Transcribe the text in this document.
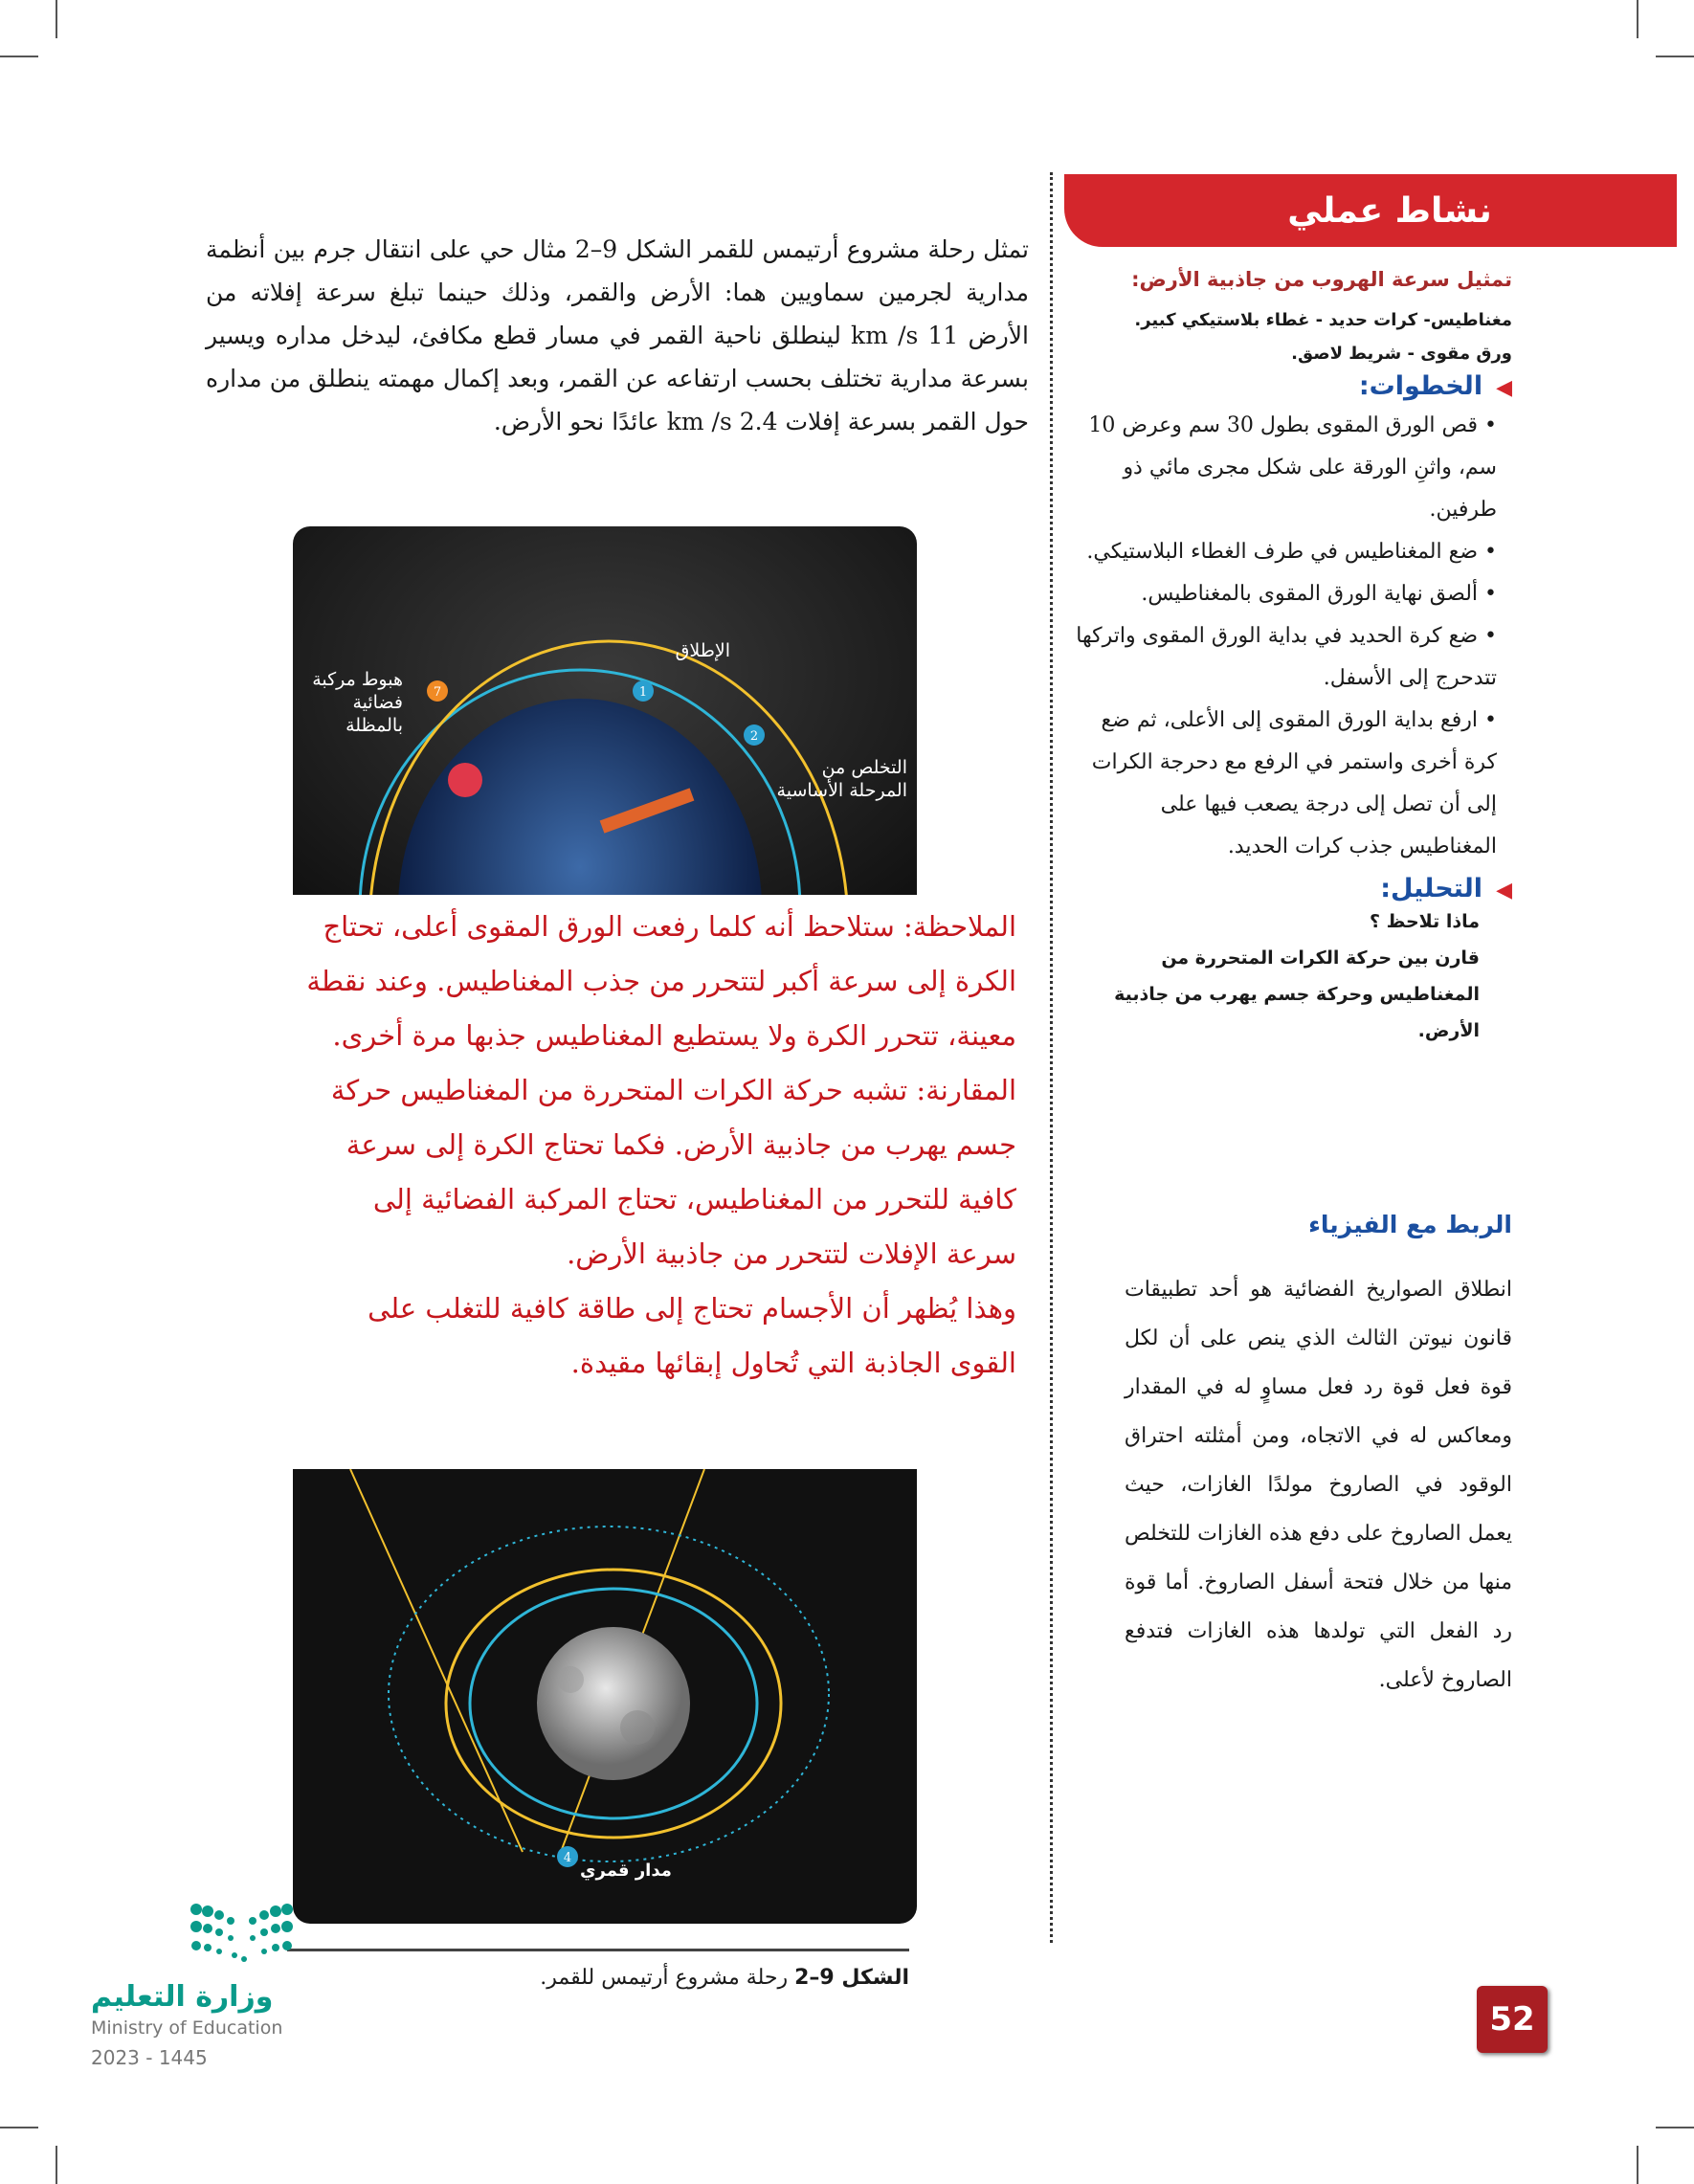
نشاط عملي
تمثيل سرعة الهروب من جاذبية الأرض:
مغناطيس- كرات حديد - غطاء بلاستيكي كبير.
ورق مقوى - شريط لاصق.
◀الخطوات:
• قص الورق المقوى بطول 30 سم وعرض 10 سم، واثنِ الورقة على شكل مجرى مائي ذو طرفين.
• ضع المغناطيس في طرف الغطاء البلاستيكي.
• ألصق نهاية الورق المقوى بالمغناطيس.
• ضع كرة الحديد في بداية الورق المقوى واتركها تتدحرج إلى الأسفل.
• ارفع بداية الورق المقوى إلى الأعلى، ثم ضع كرة أخرى واستمر في الرفع مع دحرجة الكرات إلى أن تصل إلى درجة يصعب فيها على المغناطيس جذب كرات الحديد.
◀التحليل:
ماذا تلاحظ ؟
قارن بين حركة الكرات المتحررة من المغناطيس وحركة جسم يهرب من جاذبية الأرض.
الربط مع الفيزياء
انطلاق الصواريخ الفضائية هو أحد تطبيقات قانون نيوتن الثالث الذي ينص على أن لكل قوة فعل قوة رد فعل مساوٍ له في المقدار ومعاكس له في الاتجاه، ومن أمثلته احتراق الوقود في الصاروخ مولدًا الغازات، حيث يعمل الصاروخ على دفع هذه الغازات للتخلص منها من خلال فتحة أسفل الصاروخ. أما قوة رد الفعل التي تولدها هذه الغازات فتدفع الصاروخ لأعلى.
تمثل رحلة مشروع أرتيمس للقمر الشكل 9–2 مثال حي على انتقال جرم بين أنظمة مدارية لجرمين سماويين هما: الأرض والقمر، وذلك حينما تبلغ سرعة إفلاته من الأرض 11 km /s لينطلق ناحية القمر في مسار قطع مكافئ، ليدخل مداره ويسير بسرعة مدارية تختلف بحسب ارتفاعه عن القمر، وبعد إكمال مهمته ينطلق من مداره حول القمر بسرعة إفلات 2.4 km /s عائدًا نحو الأرض.
1
2
7
الإطلاق
التخلص من المرحلة الأساسية
هبوط مركبة فضائية بالمظلة
الملاحظة: ستلاحظ أنه كلما رفعت الورق المقوى أعلى، تحتاج الكرة إلى سرعة أكبر لتتحرر من جذب المغناطيس. وعند نقطة معينة، تتحرر الكرة ولا يستطيع المغناطيس جذبها مرة أخرى.
المقارنة: تشبه حركة الكرات المتحررة من المغناطيس حركة جسم يهرب من جاذبية الأرض. فكما تحتاج الكرة إلى سرعة كافية للتحرر من المغناطيس، تحتاج المركبة الفضائية إلى سرعة الإفلات لتتحرر من جاذبية الأرض.
وهذا يُظهر أن الأجسام تحتاج إلى طاقة كافية للتغلب على القوى الجاذبة التي تُحاول إبقائها مقيدة.
4
مدار قمري
الشكل 9–2 رحلة مشروع أرتيمس للقمر.
وزارة التعليم
Ministry of Education
2023 - 1445
52
